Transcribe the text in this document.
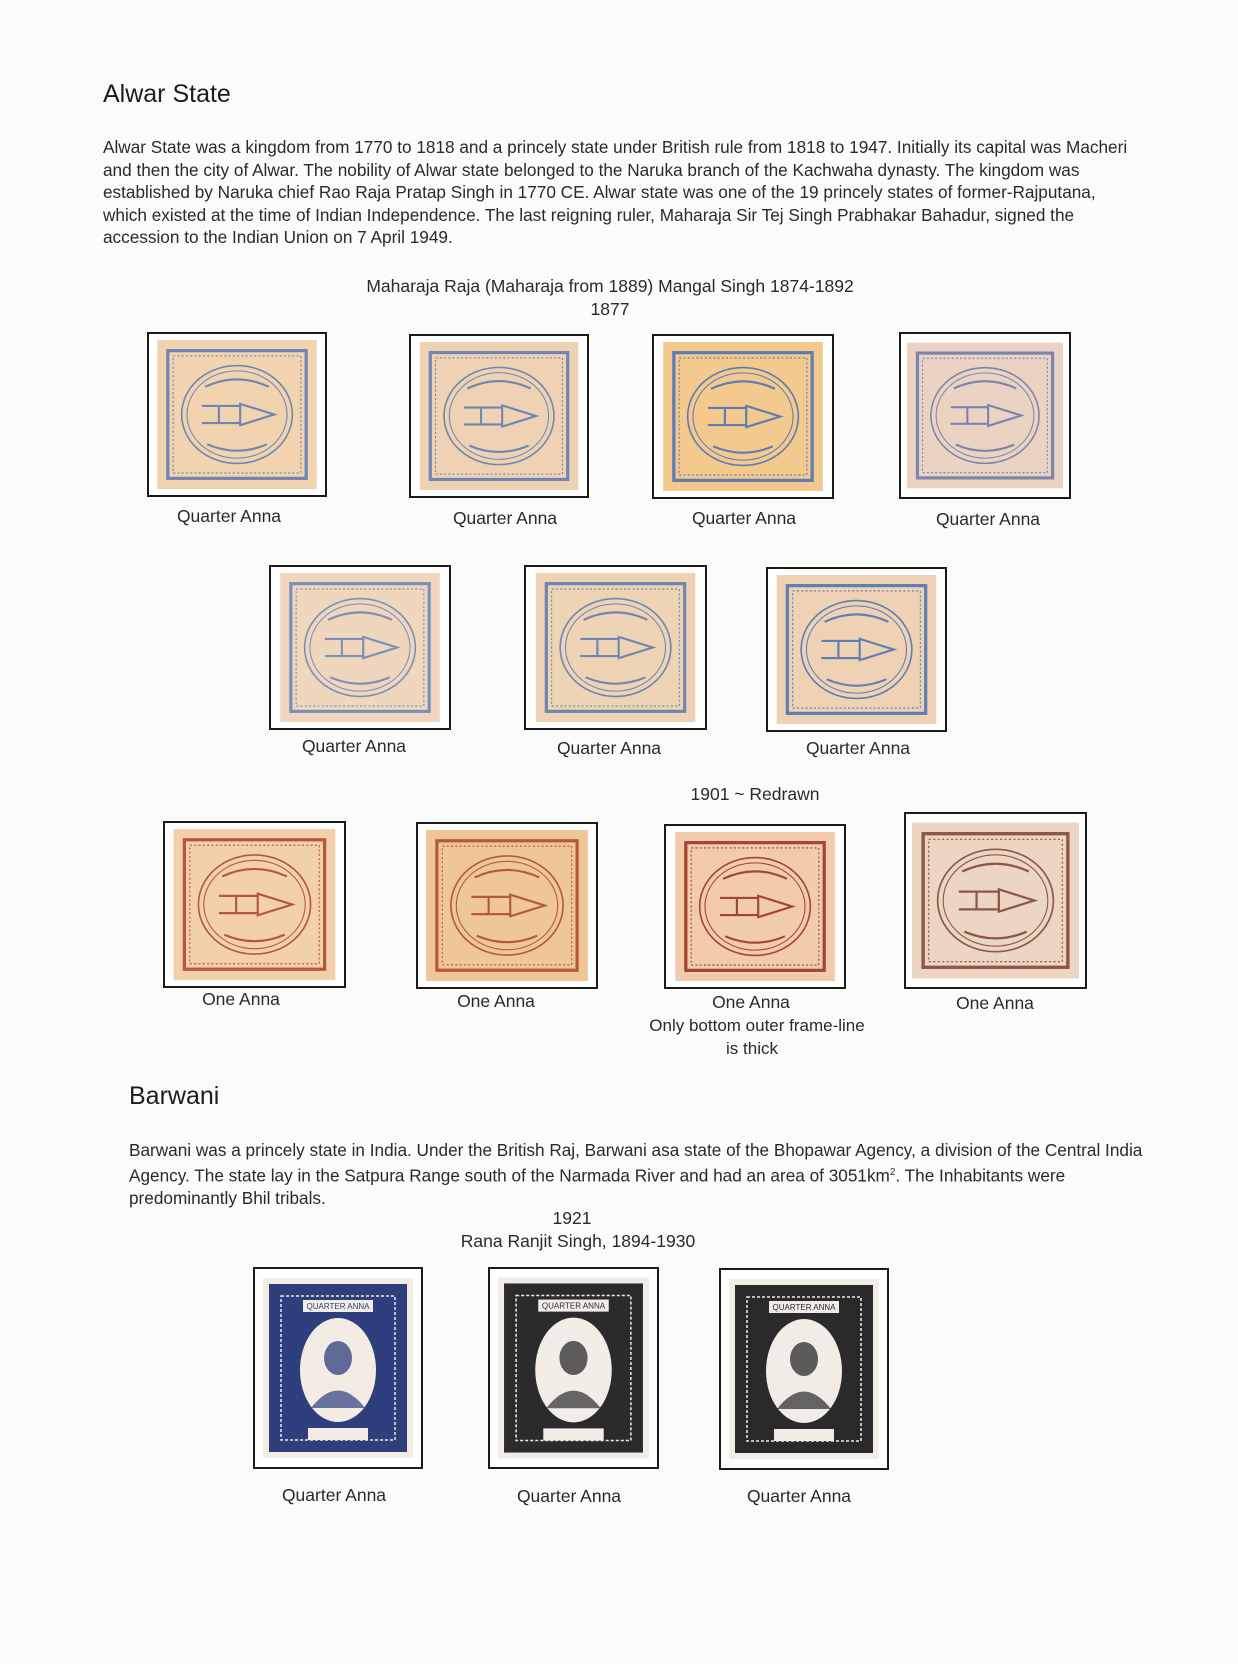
Alwar State

Alwar State was a kingdom from 1770 to 1818 and a princely state under British rule from 1818 to 1947. Initially its capital was Macheri and then the city of Alwar. The nobility of Alwar state belonged to the Naruka branch of the Kachwaha dynasty. The kingdom was established by Naruka chief Rao Raja Pratap Singh in 1770 CE. Alwar state was one of the 19 princely states of former-Rajputana, which existed at the time of Indian Independence. The last reigning ruler, Maharaja Sir Tej Singh Prabhakar Bahadur, signed the accession to the Indian Union on 7 April 1949.

Maharaja Raja (Maharaja from 1889) Mangal Singh 1874-1892
1877
Quarter Anna	Quarter Anna	Quarter Anna	Quarter Anna
Quarter Anna	Quarter Anna	Quarter Anna
1901 ~ Redrawn
One Anna	One Anna	One Anna	One Anna
Only bottom outer frame-line
is thick
Barwani

Barwani was a princely state in India. Under the British Raj, Barwani asa state of the Bhopawar Agency, a division of the Central India Agency. The state lay in the Satpura Range south of the Narmada River and had an area of $3051km^2$. The Inhabitants were predominantly Bhil tribals.

1921
Rana Ranjit Singh, 1894-1930
QUARTER ANNA	QUARTER ANNA	QUARTER ANNA
Quarter Anna	Quarter Anna	Quarter Anna
